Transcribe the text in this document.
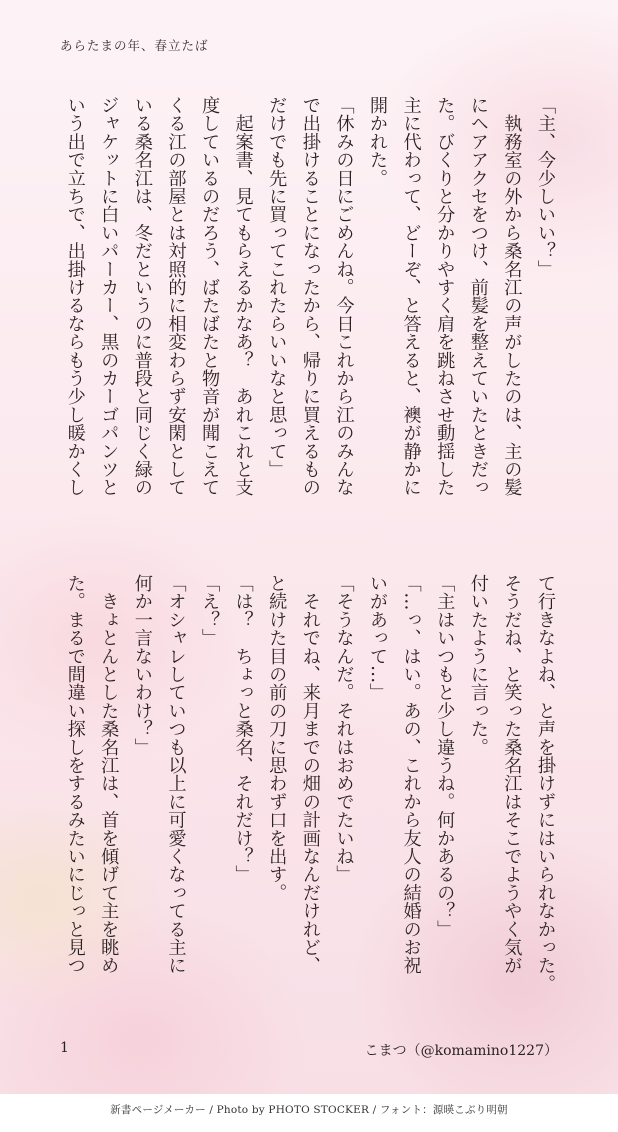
あらたまの年、春立たば
「主、今少しいい？」
　執務室の外から桑名江の声がしたのは、主の髪
にヘアアクセをつけ、前髪を整えていたときだっ
た。びくりと分かりやすく肩を跳ねさせ動揺した
主に代わって、どーぞ、と答えると、襖が静かに
開かれた。
「休みの日にごめんね。今日これから江のみんな
で出掛けることになったから、帰りに買えるもの
だけでも先に買ってこれたらいいなと思って」
　起案書、見てもらえるかなあ？　あれこれと支
度しているのだろう、ばたばたと物音が聞こえて
くる江の部屋とは対照的に相変わらず安閑として
いる桑名江は、冬だというのに普段と同じく緑の
ジャケットに白いパーカー、黒のカーゴパンツと
いう出で立ちで、出掛けるならもう少し暖かくし
て行きなよね、と声を掛けずにはいられなかった。
そうだね、と笑った桑名江はそこでようやく気が
付いたように言った。
「主はいつもと少し違うね。何かあるの？」
「…っ、はい。あの、これから友人の結婚のお祝
いがあって…」
「そうなんだ。それはおめでたいね」
　それでね、来月までの畑の計画なんだけれど、
と続けた目の前の刀に思わず口を出す。
「は？　ちょっと桑名、それだけ？」
「え？」
「オシャレしていつも以上に可愛くなってる主に
何か一言ないわけ？」
　きょとんとした桑名江は、首を傾げて主を眺め
た。まるで間違い探しをするみたいにじっと見つ
1	こまつ（@komamino1227）
新書ページメーカー / Photo by PHOTO STOCKER / フォント：源暎こぶり明朝
